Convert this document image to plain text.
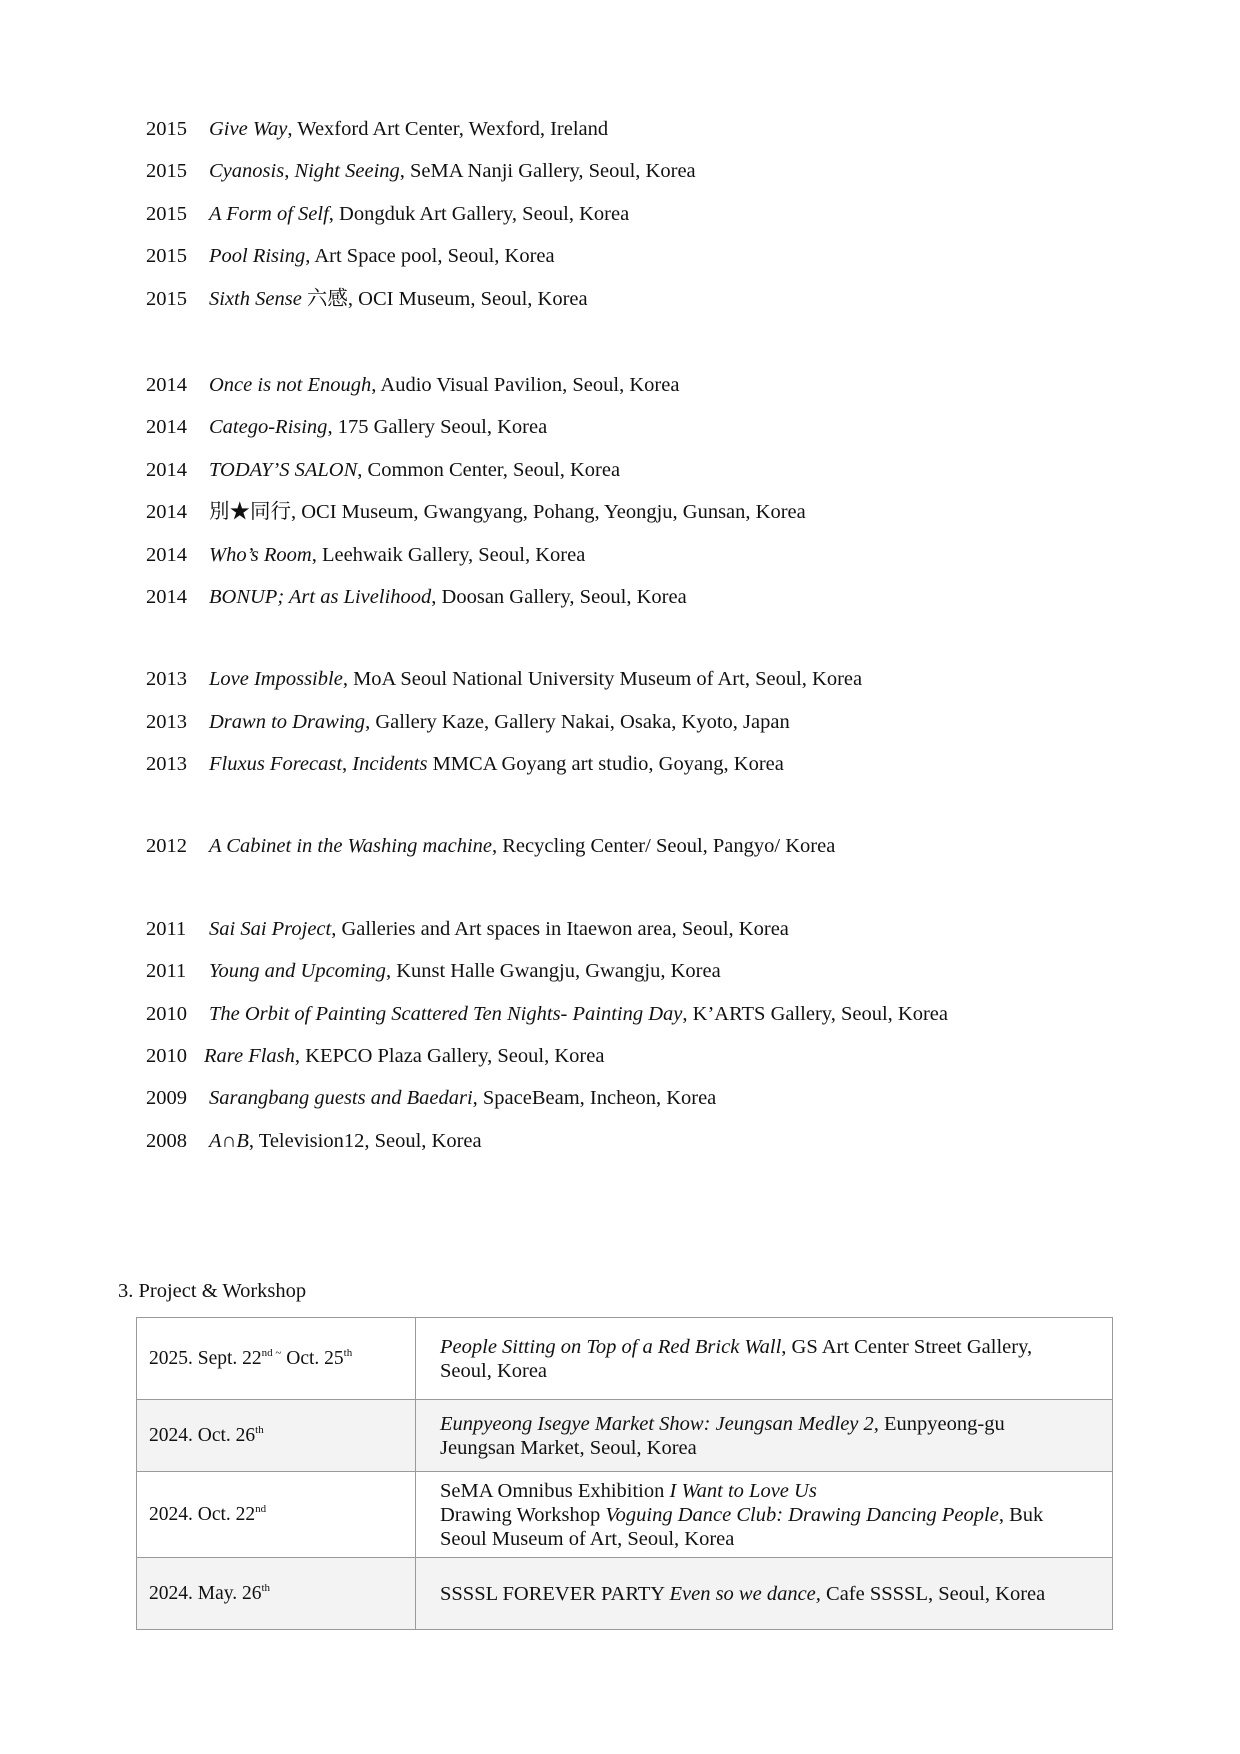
2015	Give Way, Wexford Art Center, Wexford, Ireland
2015	Cyanosis, Night Seeing, SeMA Nanji Gallery, Seoul, Korea
2015	A Form of Self, Dongduk Art Gallery, Seoul, Korea
2015	Pool Rising, Art Space pool, Seoul, Korea
2015	Sixth Sense 六感, OCI Museum, Seoul, Korea
2014	Once is not Enough, Audio Visual Pavilion, Seoul, Korea
2014	Catego-Rising, 175 Gallery Seoul, Korea
2014	TODAY’S SALON, Common Center, Seoul, Korea
2014	別★同行, OCI Museum, Gwangyang, Pohang, Yeongju, Gunsan, Korea
2014	Who’s Room, Leehwaik Gallery, Seoul, Korea
2014	BONUP; Art as Livelihood, Doosan Gallery, Seoul, Korea
2013	Love Impossible, MoA Seoul National University Museum of Art, Seoul, Korea
2013	Drawn to Drawing, Gallery Kaze, Gallery Nakai, Osaka, Kyoto, Japan
2013	Fluxus Forecast, Incidents MMCA Goyang art studio, Goyang, Korea
2012	A Cabinet in the Washing machine, Recycling Center/ Seoul, Pangyo/ Korea
2011	Sai Sai Project, Galleries and Art spaces in Itaewon area, Seoul, Korea
2011	Young and Upcoming, Kunst Halle Gwangju, Gwangju, Korea
2010	The Orbit of Painting Scattered Ten Nights- Painting Day, K’ARTS Gallery, Seoul, Korea
2010 Rare Flash, KEPCO Plaza Gallery, Seoul, Korea
2009	Sarangbang guests and Baedari, SpaceBeam, Incheon, Korea
2008	A∩B, Television12, Seoul, Korea
3. Project & Workshop
2025. Sept. $22^{nd \sim}$ Oct. 25th	People Sitting on Top of a Red Brick Wall, GS Art Center Street Gallery,
Seoul, Korea

2024. Oct. 26th	Eunpyeong Isegye Market Show: Jeungsan Medley 2, Eunpyeong-gu
Jeungsan Market, Seoul, Korea

2024. Oct. 22nd	SeMA Omnibus Exhibition I Want to Love Us
Drawing Workshop Voguing Dance Club: Drawing Dancing People, Buk
Seoul Museum of Art, Seoul, Korea

2024. May. 26th	SSSSL FOREVER PARTY Even so we dance, Cafe SSSSL, Seoul, Korea
